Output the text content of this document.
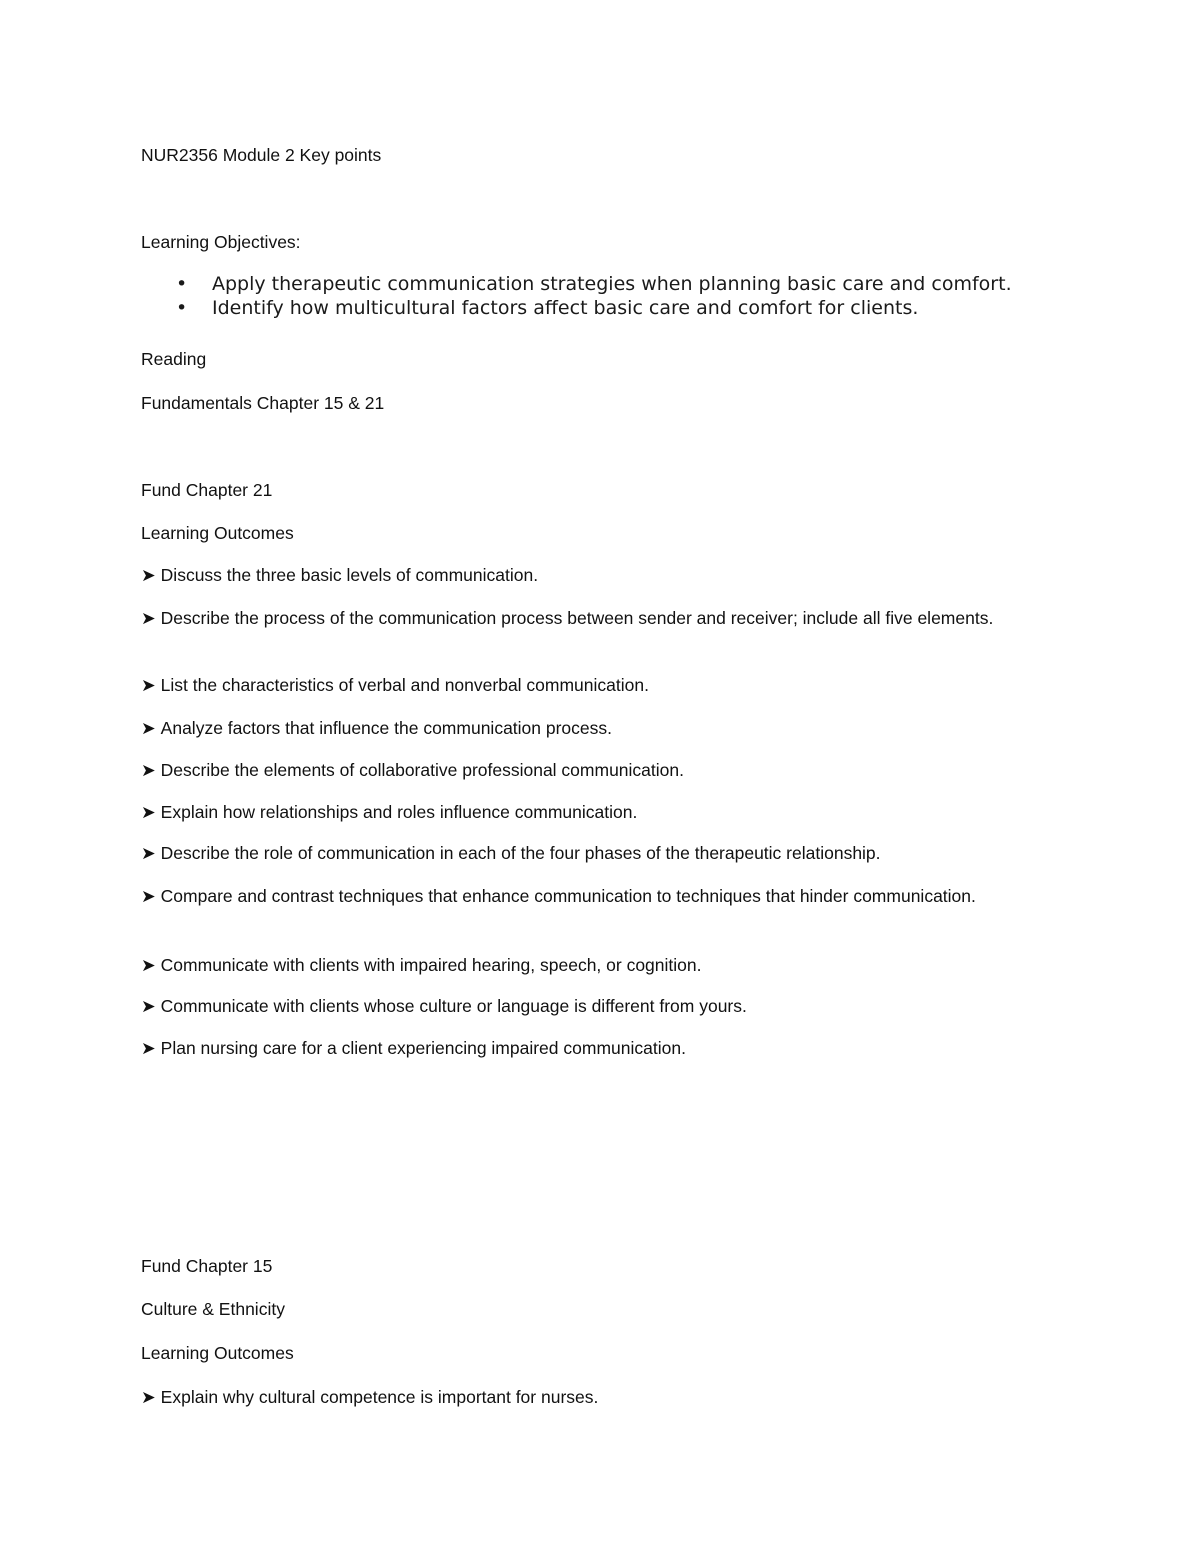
NUR2356 Module 2 Key points
Learning Objectives:
• Apply therapeutic communication strategies when planning basic care and comfort.
• Identify how multicultural factors affect basic care and comfort for clients.
Reading
Fundamentals Chapter 15 & 21
Fund Chapter 21
Learning Outcomes
➤ Discuss the three basic levels of communication.
➤ Describe the process of the communication process between sender and receiver; include all five elements.
➤ List the characteristics of verbal and nonverbal communication.
➤ Analyze factors that influence the communication process.
➤ Describe the elements of collaborative professional communication.
➤ Explain how relationships and roles influence communication.
➤ Describe the role of communication in each of the four phases of the therapeutic relationship.
➤ Compare and contrast techniques that enhance communication to techniques that hinder communication.
➤ Communicate with clients with impaired hearing, speech, or cognition.
➤ Communicate with clients whose culture or language is different from yours.
➤ Plan nursing care for a client experiencing impaired communication.
Fund Chapter 15
Culture & Ethnicity
Learning Outcomes
➤ Explain why cultural competence is important for nurses.
